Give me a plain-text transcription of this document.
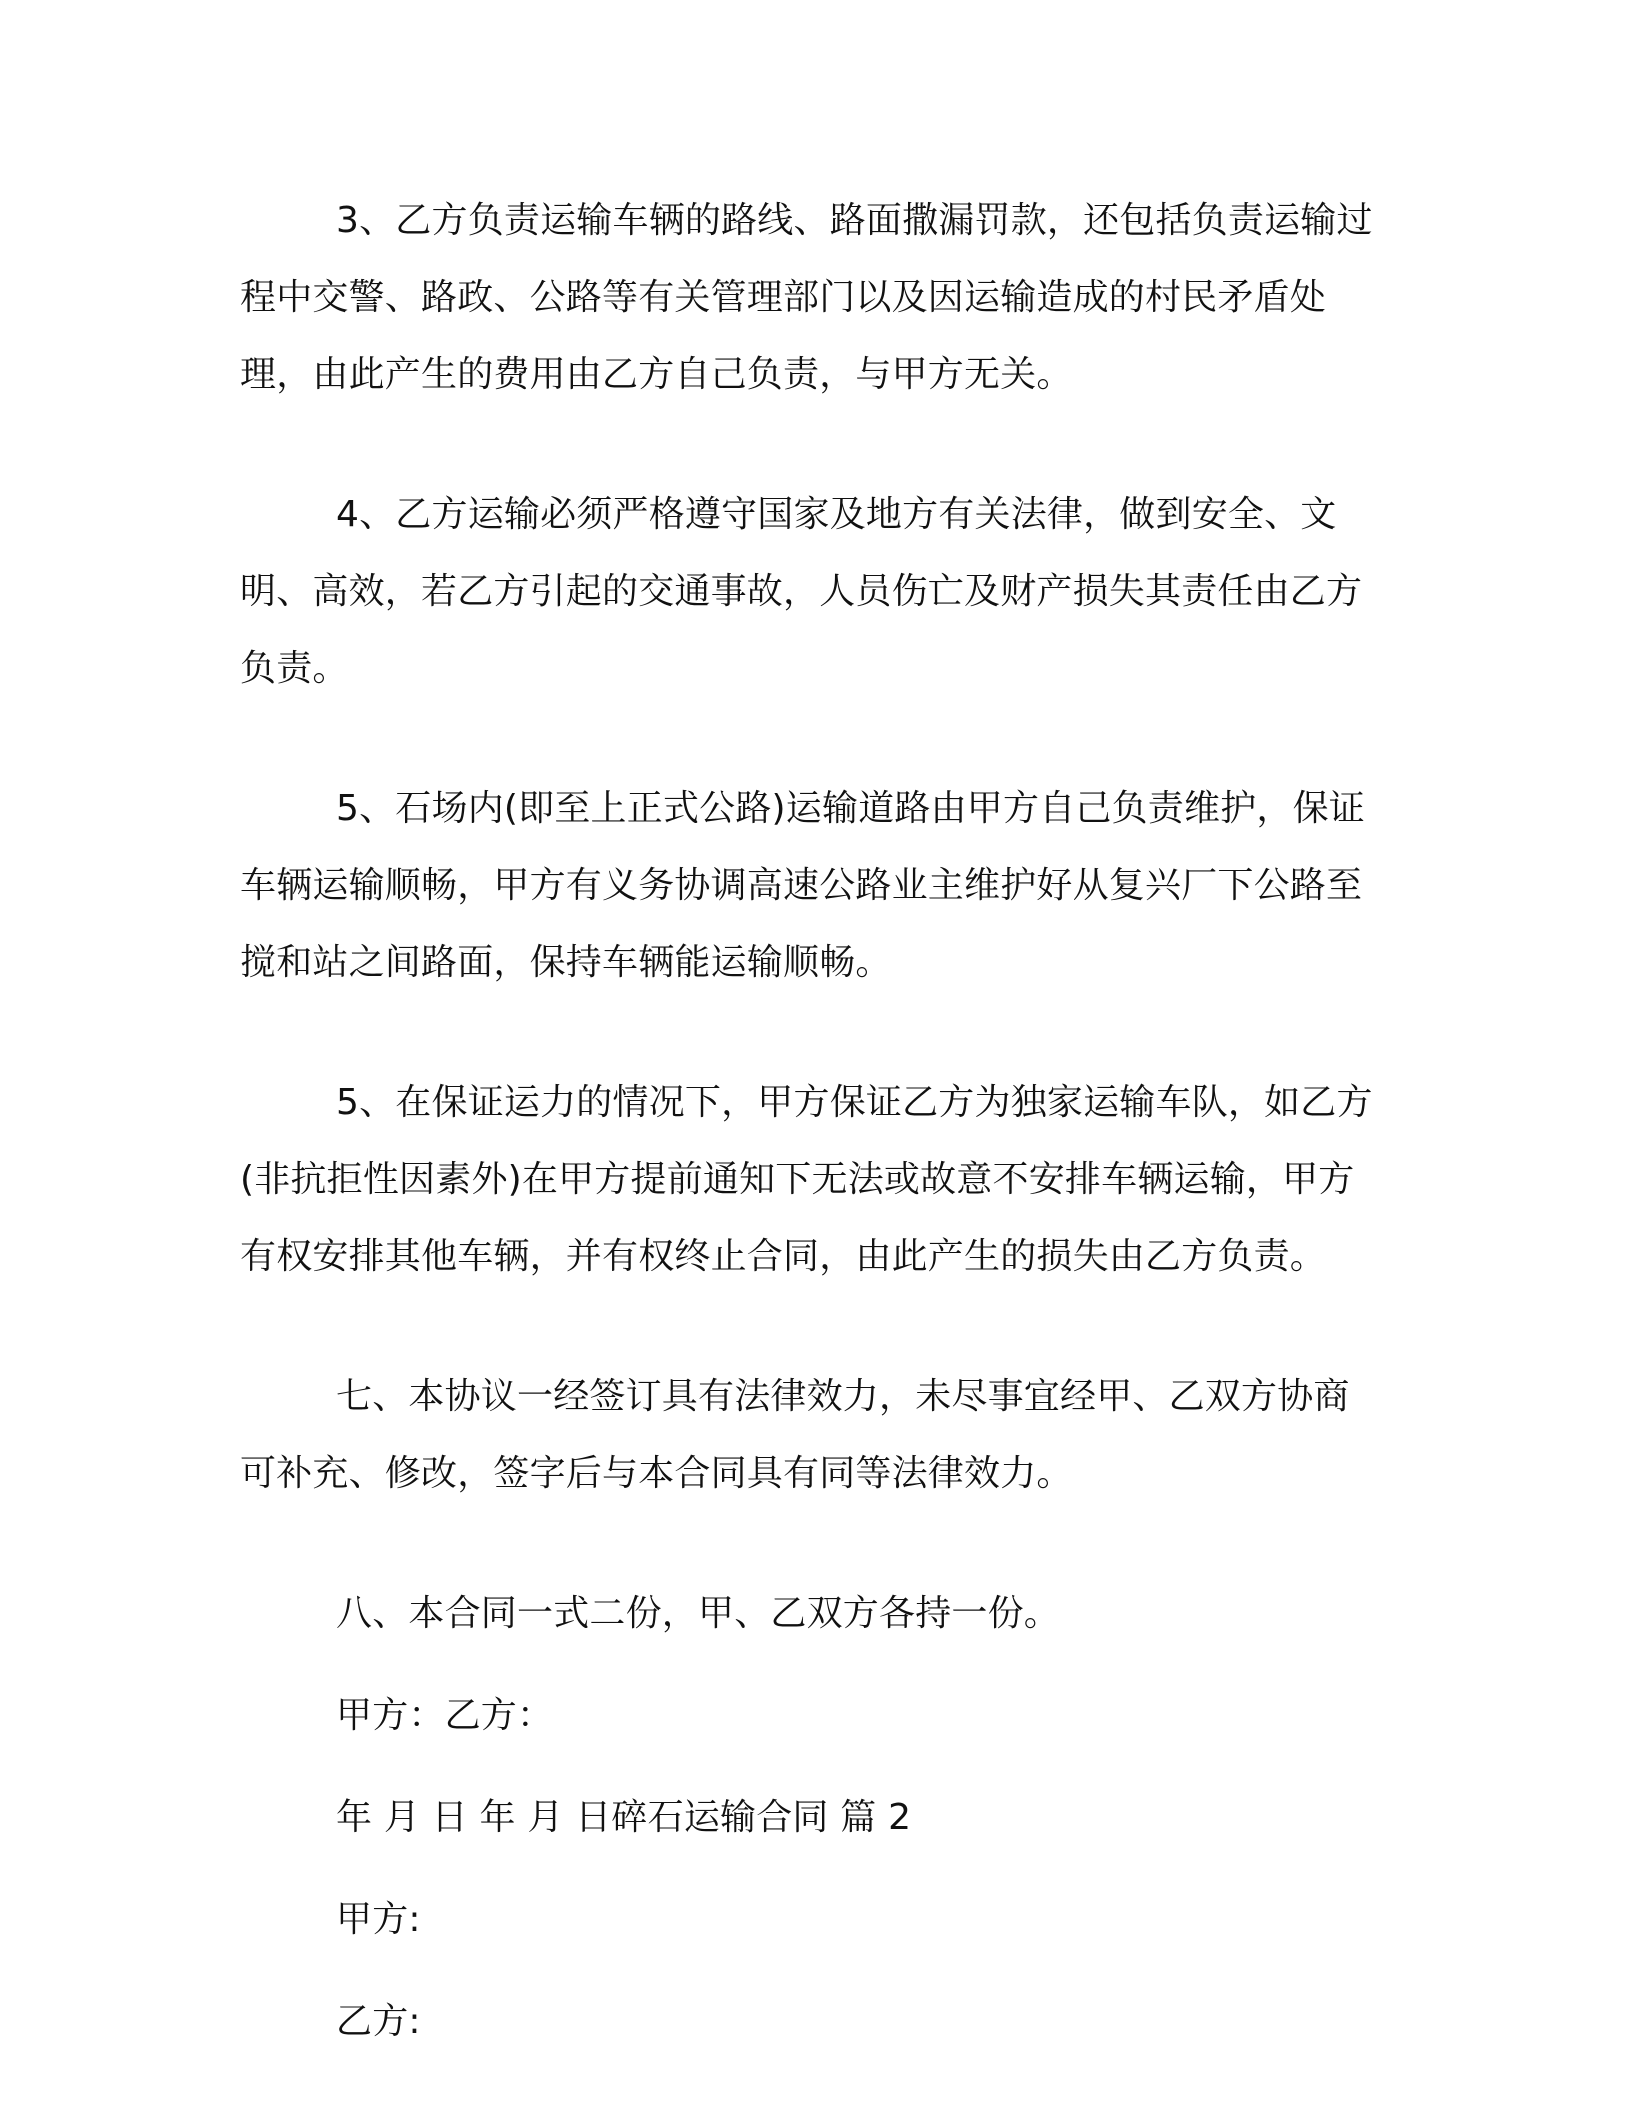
3、乙方负责运输车辆的路线、路面撒漏罚款，还包括负责运输过程中交警、路政、公路等有关管理部门以及因运输造成的村民矛盾处理，由此产生的费用由乙方自己负责，与甲方无关。

4、乙方运输必须严格遵守国家及地方有关法律，做到安全、文明、高效，若乙方引起的交通事故，人员伤亡及财产损失其责任由乙方负责。

5、石场内(即至上正式公路)运输道路由甲方自己负责维护，保证车辆运输顺畅，甲方有义务协调高速公路业主维护好从复兴厂下公路至搅和站之间路面，保持车辆能运输顺畅。

5、在保证运力的情况下，甲方保证乙方为独家运输车队，如乙方(非抗拒性因素外)在甲方提前通知下无法或故意不安排车辆运输，甲方有权安排其他车辆，并有权终止合同，由此产生的损失由乙方负责。

七、本协议一经签订具有法律效力，未尽事宜经甲、乙双方协商可补充、修改，签字后与本合同具有同等法律效力。

八、本合同一式二份，甲、乙双方各持一份。

甲方：乙方：

年 月 日 年 月 日碎石运输合同 篇 2

甲方:

乙方:
